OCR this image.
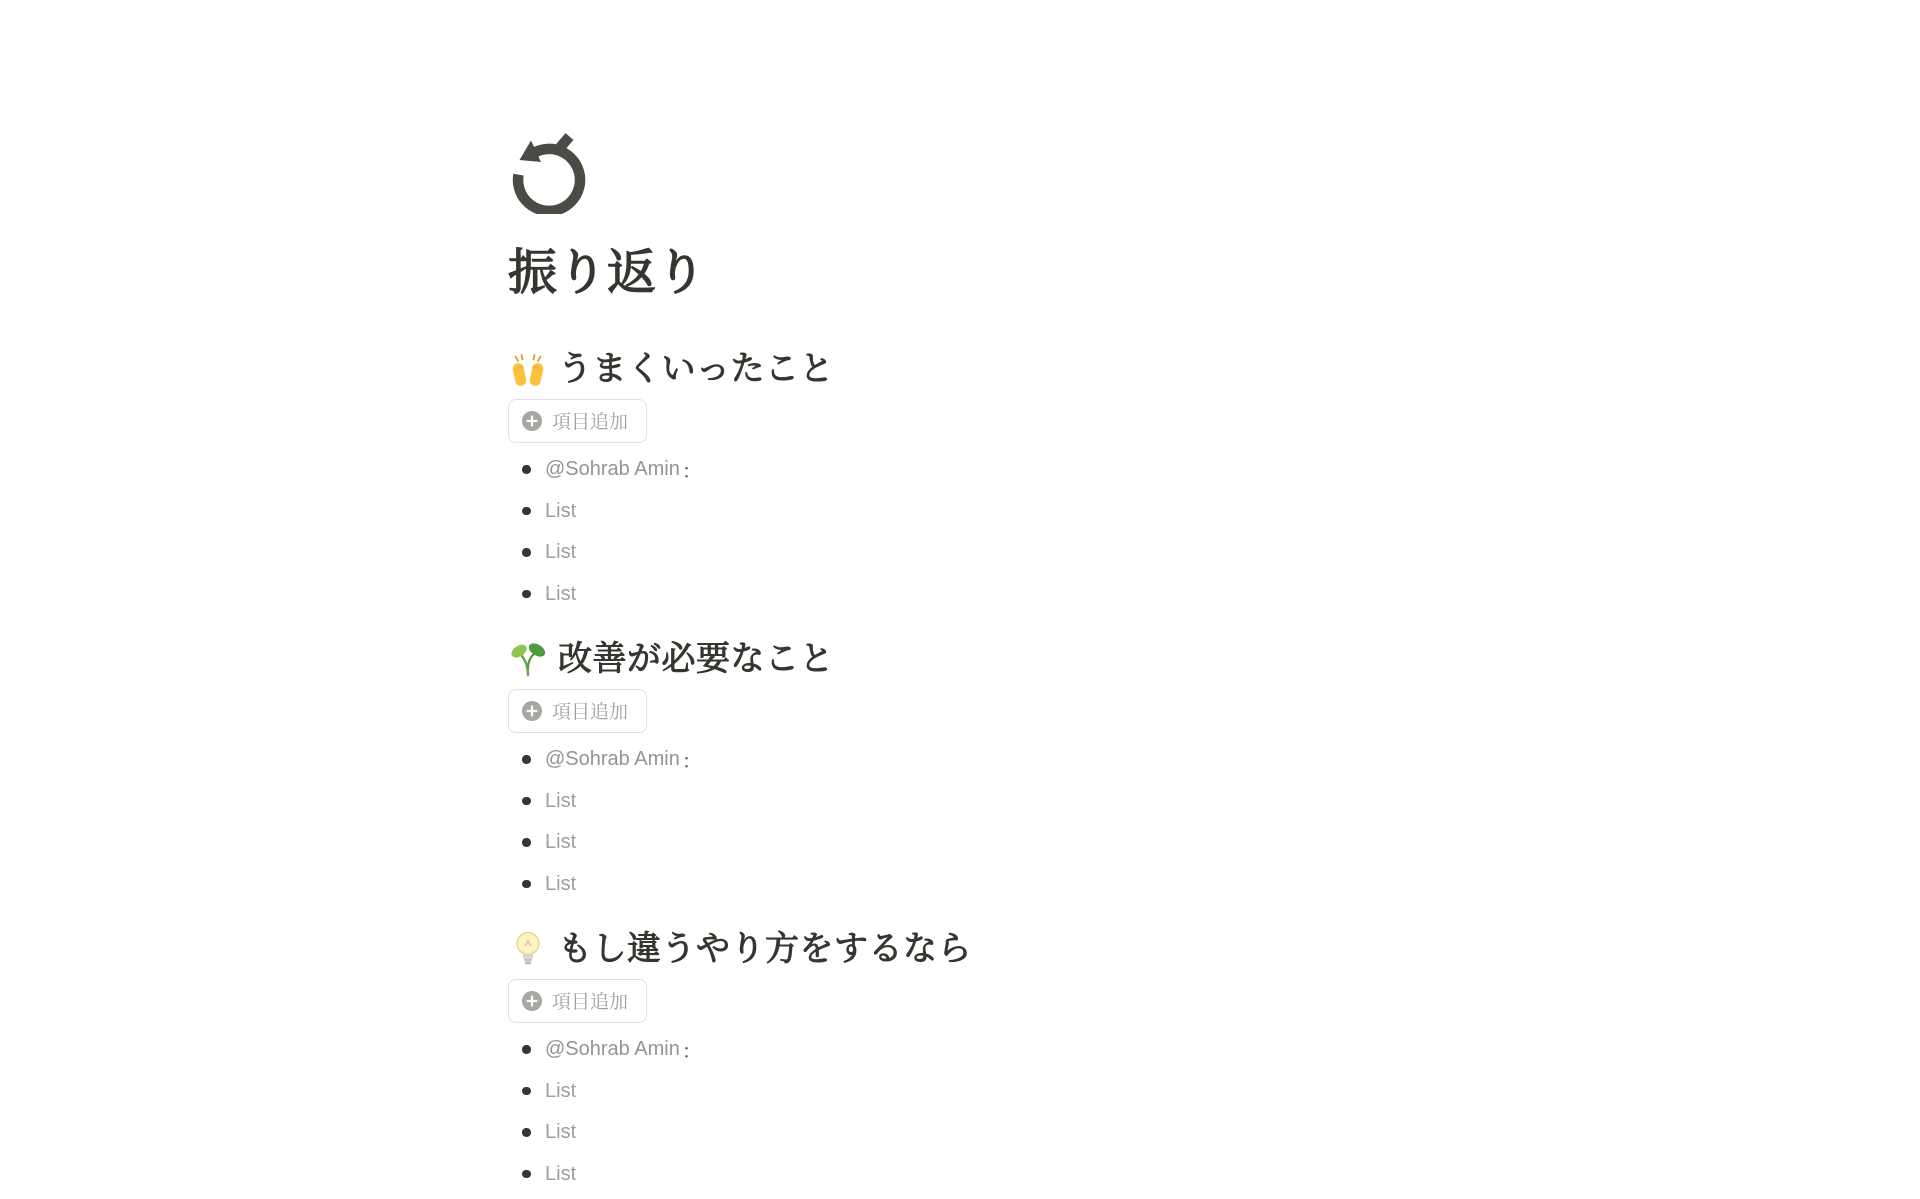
振り返り
うまくいったこと
項目追加
@Sohrab Amin ：
List
List
List
改善が必要なこと
項目追加
@Sohrab Amin ：
List
List
List
もし違うやり方をするなら
項目追加
@Sohrab Amin ：
List
List
List
